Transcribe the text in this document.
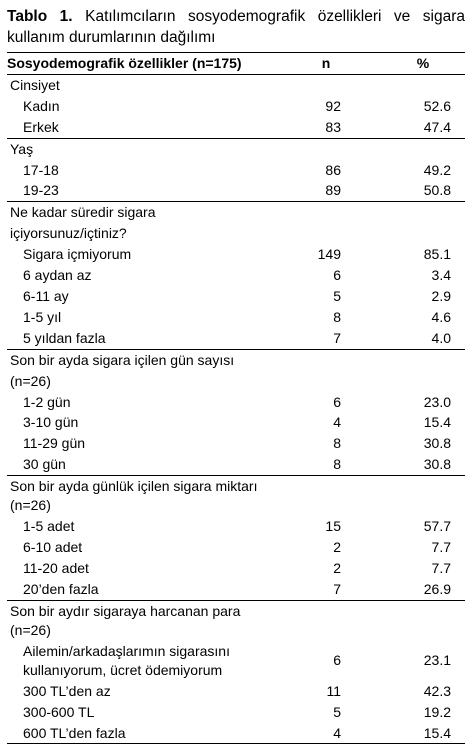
Tablo 1. Katılımcıların sosyodemografik özellikleri ve sigara kullanım durumlarının dağılımı

Sosyodemografik özellikler (n=175)	n	%
Cinsiyet		
Kadın	92	52.6
Erkek	83	47.4
Yaş		
17-18	86	49.2
19-23	89	50.8
Ne kadar süredir sigara içiyorsunuz/içtiniz?		
Sigara içmiyorum	149	85.1
6 aydan az	6	3.4
6-11 ay	5	2.9
1-5 yıl	8	4.6
5 yıldan fazla	7	4.0
Son bir ayda sigara içilen gün sayısı (n=26)		
1-2 gün	6	23.0
3-10 gün	4	15.4
11-29 gün	8	30.8
30 gün	8	30.8

Son bir ayda günlük içilen sigara miktarı
(n=26)		

1-5 adet	15	57.7
6-10 adet	2	7.7
11-20 adet	2	7.7
20’den fazla	7	26.9

Son bir aydır sigaraya harcanan para
(n=26)		

Ailemin/arkadaşlarımın sigarasını
kullanıyorum, ücret ödemiyorum	6	23.1
300 TL’den az	11	42.3
300-600 TL	5	19.2
600 TL’den fazla	4	15.4
